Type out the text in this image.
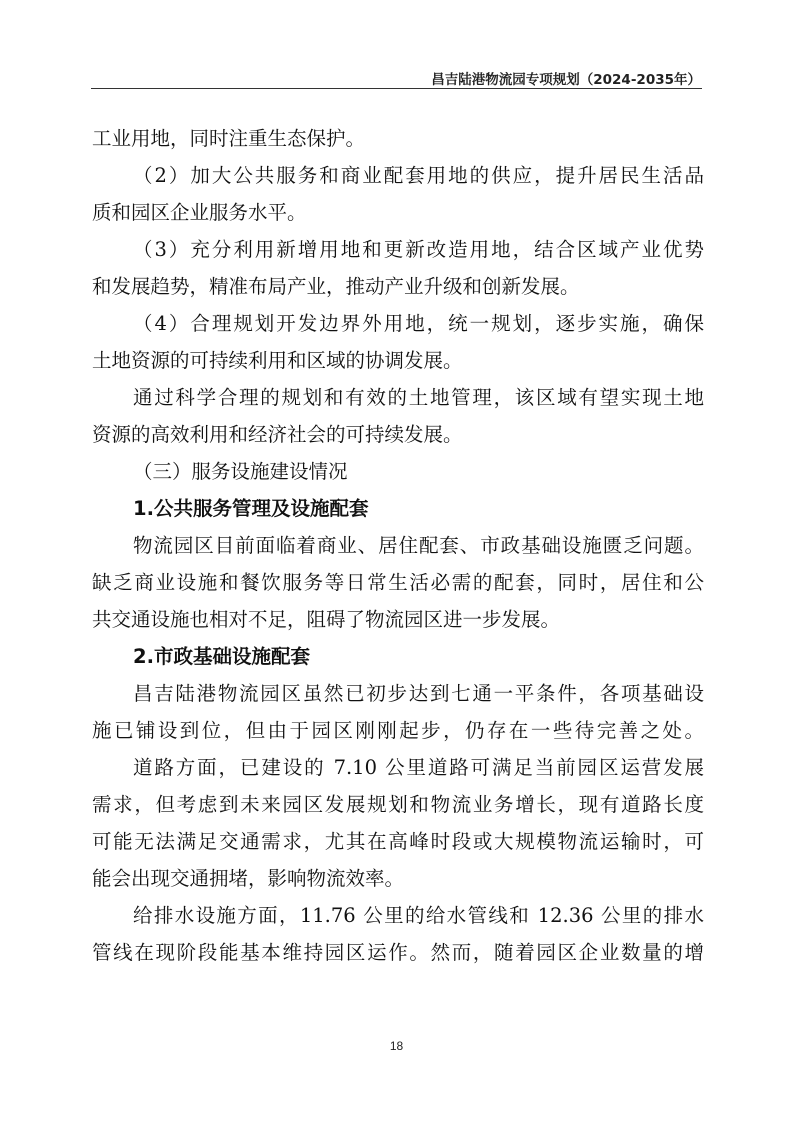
昌吉陆港物流园专项规划（2024-2035年）
工业用地，同时注重生态保护。
（2）加大公共服务和商业配套用地的供应，提升居民生活品
质和园区企业服务水平。
（3）充分利用新增用地和更新改造用地，结合区域产业优势
和发展趋势，精准布局产业，推动产业升级和创新发展。
（4）合理规划开发边界外用地，统一规划，逐步实施，确保
土地资源的可持续利用和区域的协调发展。
通过科学合理的规划和有效的土地管理，该区域有望实现土地
资源的高效利用和经济社会的可持续发展。
（三）服务设施建设情况
1.公共服务管理及设施配套
物流园区目前面临着商业、居住配套、市政基础设施匮乏问题。
缺乏商业设施和餐饮服务等日常生活必需的配套，同时，居住和公
共交通设施也相对不足，阻碍了物流园区进一步发展。
2.市政基础设施配套
昌吉陆港物流园区虽然已初步达到七通一平条件，各项基础设
施已铺设到位，但由于园区刚刚起步，仍存在一些待完善之处。
道路方面，已建设的 7.10 公里道路可满足当前园区运营发展
需求，但考虑到未来园区发展规划和物流业务增长，现有道路长度
可能无法满足交通需求，尤其在高峰时段或大规模物流运输时，可
能会出现交通拥堵，影响物流效率。
给排水设施方面，11.76 公里的给水管线和 12.36 公里的排水
管线在现阶段能基本维持园区运作。然而，随着园区企业数量的增
18
